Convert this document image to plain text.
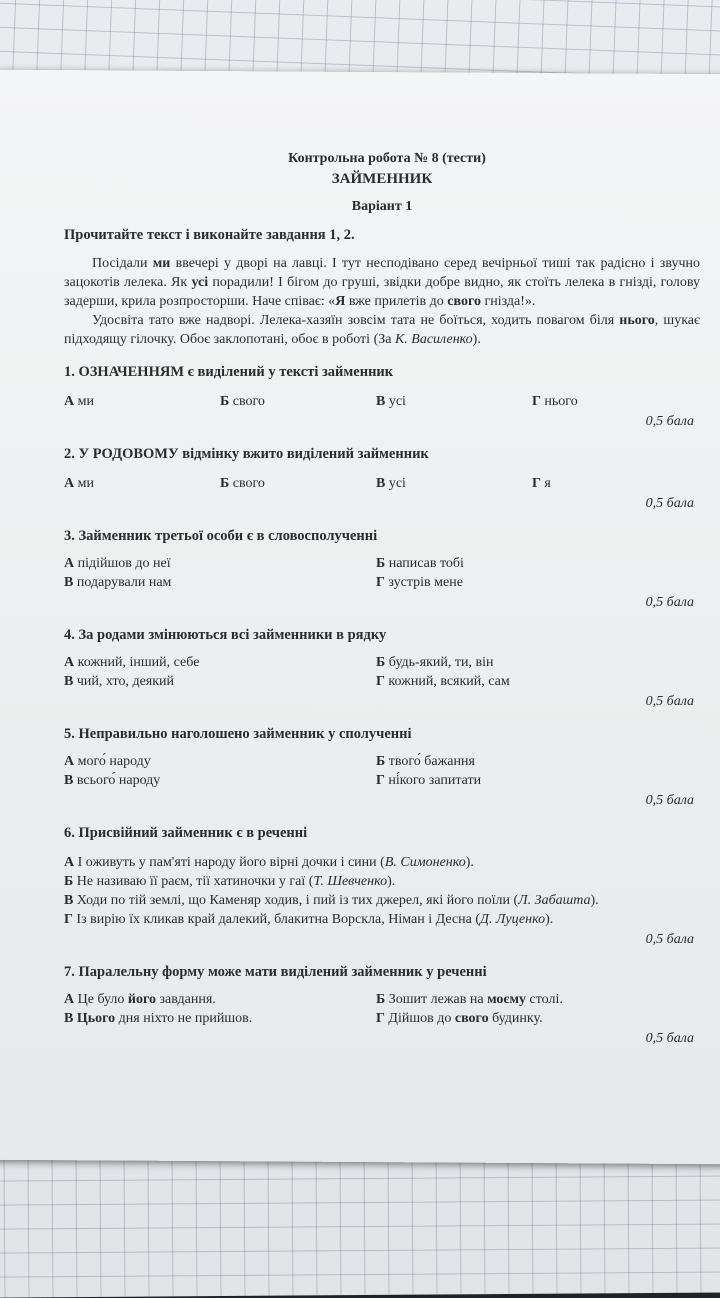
Контрольна робота № 8 (тести)
ЗАЙМЕННИК
Варіант 1
Прочитайте текст і виконайте завдання 1, 2.

Посідали ми ввечері у дворі на лавці. І тут несподівано серед вечірньої тиші так радісно і звучно зацокотів лелека. Як усі порадили! І бігом до груші, звідки добре видно, як стоїть лелека в гнізді, голову задерши, крила розпросторши. Наче співає: «Я вже прилетів до свого гнізда!».

Удосвіта тато вже надворі. Лелека-хазяїн зовсім тата не боїться, ходить повагом біля нього, шукає підходящу гілочку. Обоє заклопотані, обоє в роботі (За К. Василенко).

1. ОЗНАЧЕННЯМ є виділений у тексті займенник
А ми	Б свого	В усі	Г нього
0,5 бала
2. У РОДОВОМУ відмінку вжито виділений займенник
А ми	Б свого	В усі	Г я
0,5 бала
3. Займенник третьої особи є в словосполученні
А підійшов до неї	Б написав тобі
В подарували нам	Г зустрів мене
0,5 бала
4. За родами змінюються всі займенники в рядку
А кожний, інший, себе	Б будь-який, ти, він
В чий, хто, деякий	Г кожний, всякий, сам
0,5 бала
5. Неправильно наголошено займенник у сполученні
А мого́ народу	Б твого́ бажання
В всього́ народу	Г ні́кого запитати
0,5 бала
6. Присвійний займенник є в реченні
А І оживуть у пам'яті народу його вірні дочки і сини (В. Симоненко).
Б Не називаю її раєм, тії хатиночки у гаї (Т. Шевченко).
В Ходи по тій землі, що Каменяр ходив, і пий із тих джерел, які його поїли (Л. Забашта).
Г Із вирію їх кликав край далекий, блакитна Ворскла, Німан і Десна (Д. Луценко).
0,5 бала
7. Паралельну форму може мати виділений займенник у реченні
А Це було його завдання.	Б Зошит лежав на моєму столі.
В Цього дня ніхто не прийшов.	Г Дійшов до свого будинку.
0,5 бала
